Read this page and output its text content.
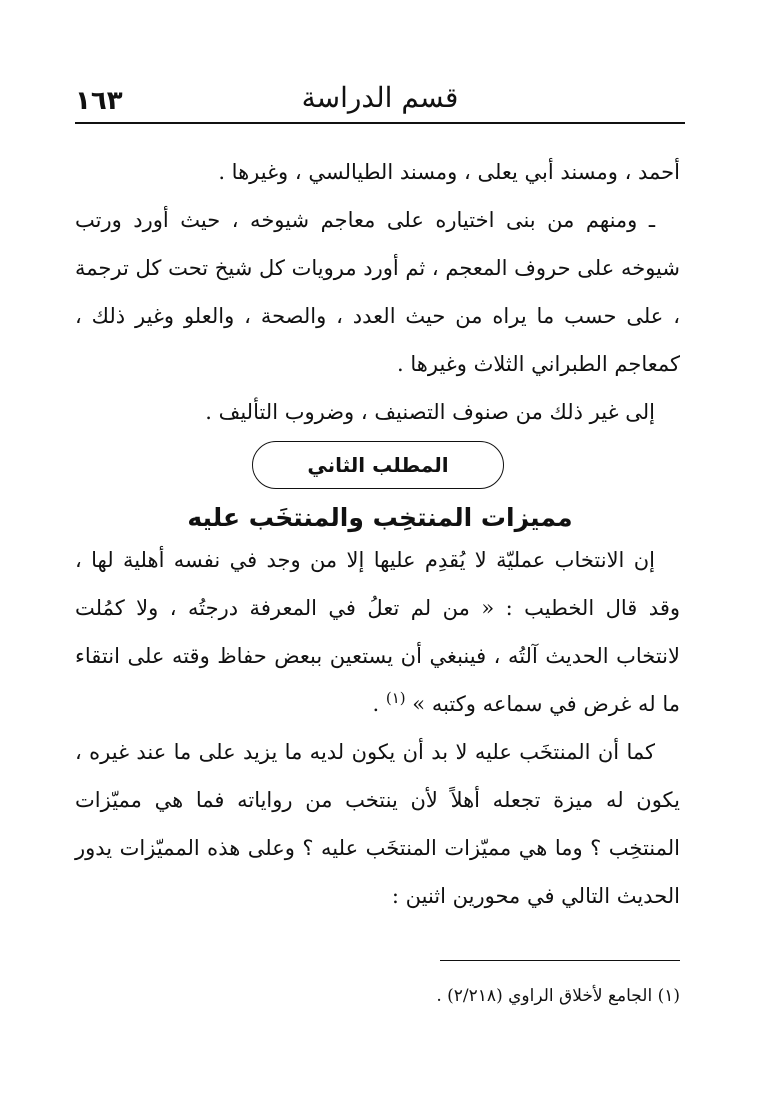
١٦٣	قسم الدراسة

أحمد ، ومسند أبي يعلى ، ومسند الطيالسي ، وغيرها .

ـ ومنهم من بنى اختياره على معاجم شيوخه ، حيث أورد ورتب شيوخه على حروف المعجم ، ثم أورد مرويات كل شيخ تحت كل ترجمة ، على حسب ما يراه من حيث العدد ، والصحة ، والعلو وغير ذلك ، كمعاجم الطبراني الثلاث وغيرها .

إلى غير ذلك من صنوف التصنيف ، وضروب التأليف .

المطلب الثاني
مميزات المنتخِب والمنتخَب عليه

إن الانتخاب عمليّة لا يُقدِم عليها إلا من وجد في نفسه أهلية لها ، وقد قال الخطيب : « من لم تعلُ في المعرفة درجتُه ، ولا كمُلت لانتخاب الحديث آلتُه ، فينبغي أن يستعين ببعض حفاظ وقته على انتقاء ما له غرض في سماعه وكتبه » $^{(١)}$ .

كما أن المنتخَب عليه لا بد أن يكون لديه ما يزيد على ما عند غيره ، يكون له ميزة تجعله أهلاً لأن ينتخب من رواياته فما هي مميّزات المنتخِب ؟ وما هي مميّزات المنتخَب عليه ؟ وعلى هذه المميّزات يدور الحديث التالي في محورين اثنين :

(١) الجامع لأخلاق الراوي (٢/٢١٨) .
